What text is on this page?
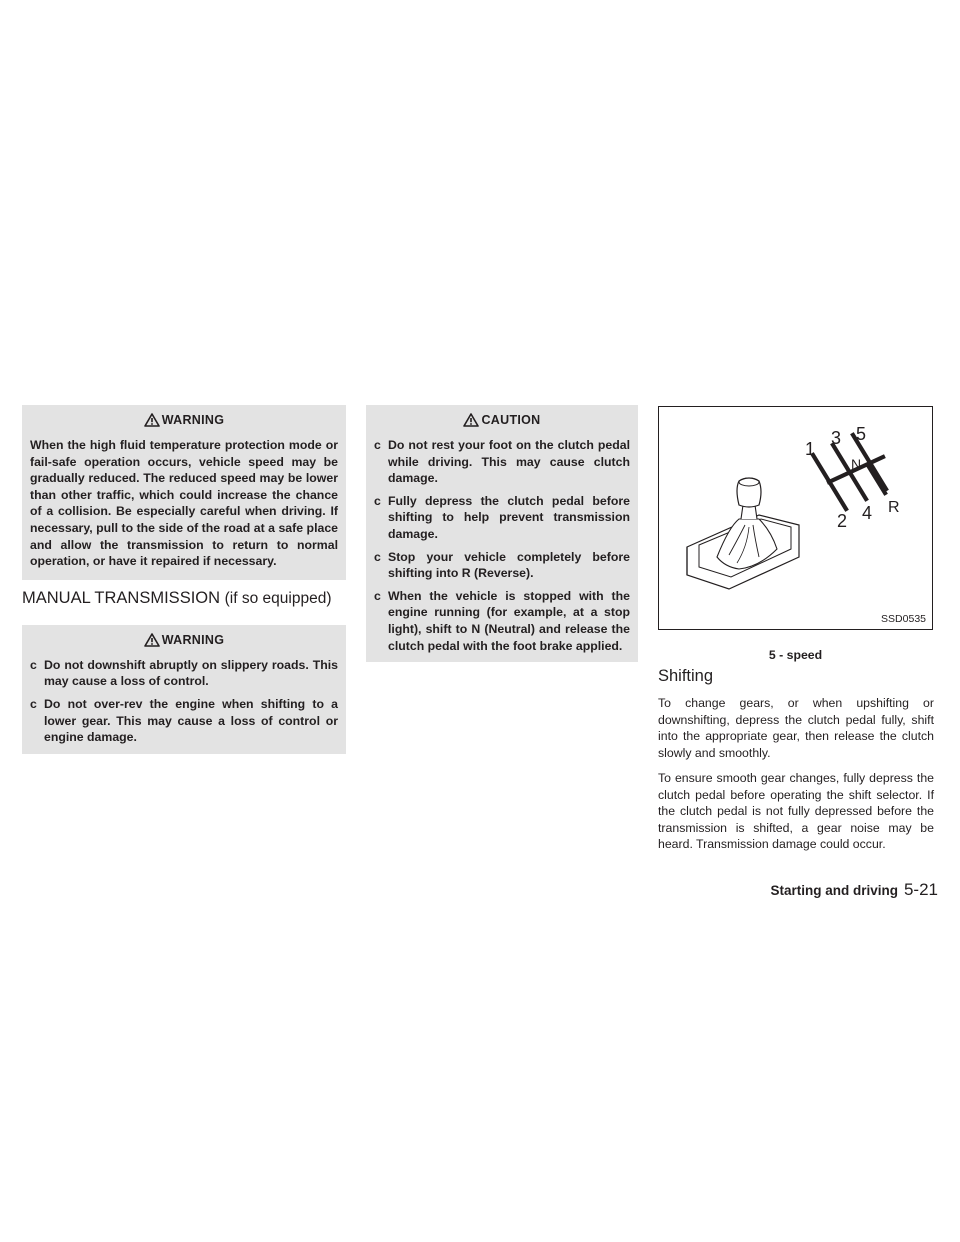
WARNING

When the high fluid temperature protection mode or fail-safe operation occurs, vehicle speed may be gradually reduced. The reduced speed may be lower than other traffic, which could increase the chance of a collision. Be especially careful when driving. If necessary, pull to the side of the road at a safe place and allow the transmission to return to normal operation, or have it repaired if necessary.

MANUAL TRANSMISSION (if so equipped)
WARNING
c Do not downshift abruptly on slippery roads. This may cause a loss of control.
c Do not over-rev the engine when shifting to a lower gear. This may cause a loss of control or engine damage.
CAUTION
c Do not rest your foot on the clutch pedal while driving. This may cause clutch damage.
c Fully depress the clutch pedal before shifting to help prevent transmission damage.
c Stop your vehicle completely before shifting into R (Reverse).
c When the vehicle is stopped with the engine running (for example, at a stop light), shift to N (Neutral) and release the clutch pedal with the foot brake applied.
1
3 5
N
2 4 R
SSD0535
5 - speed
Shifting

To change gears, or when upshifting or downshifting, depress the clutch pedal fully, shift into the appropriate gear, then release the clutch slowly and smoothly.

To ensure smooth gear changes, fully depress the clutch pedal before operating the shift selector. If the clutch pedal is not fully depressed before the transmission is shifted, a gear noise may be heard. Transmission damage could occur.

Starting and driving 5-21
